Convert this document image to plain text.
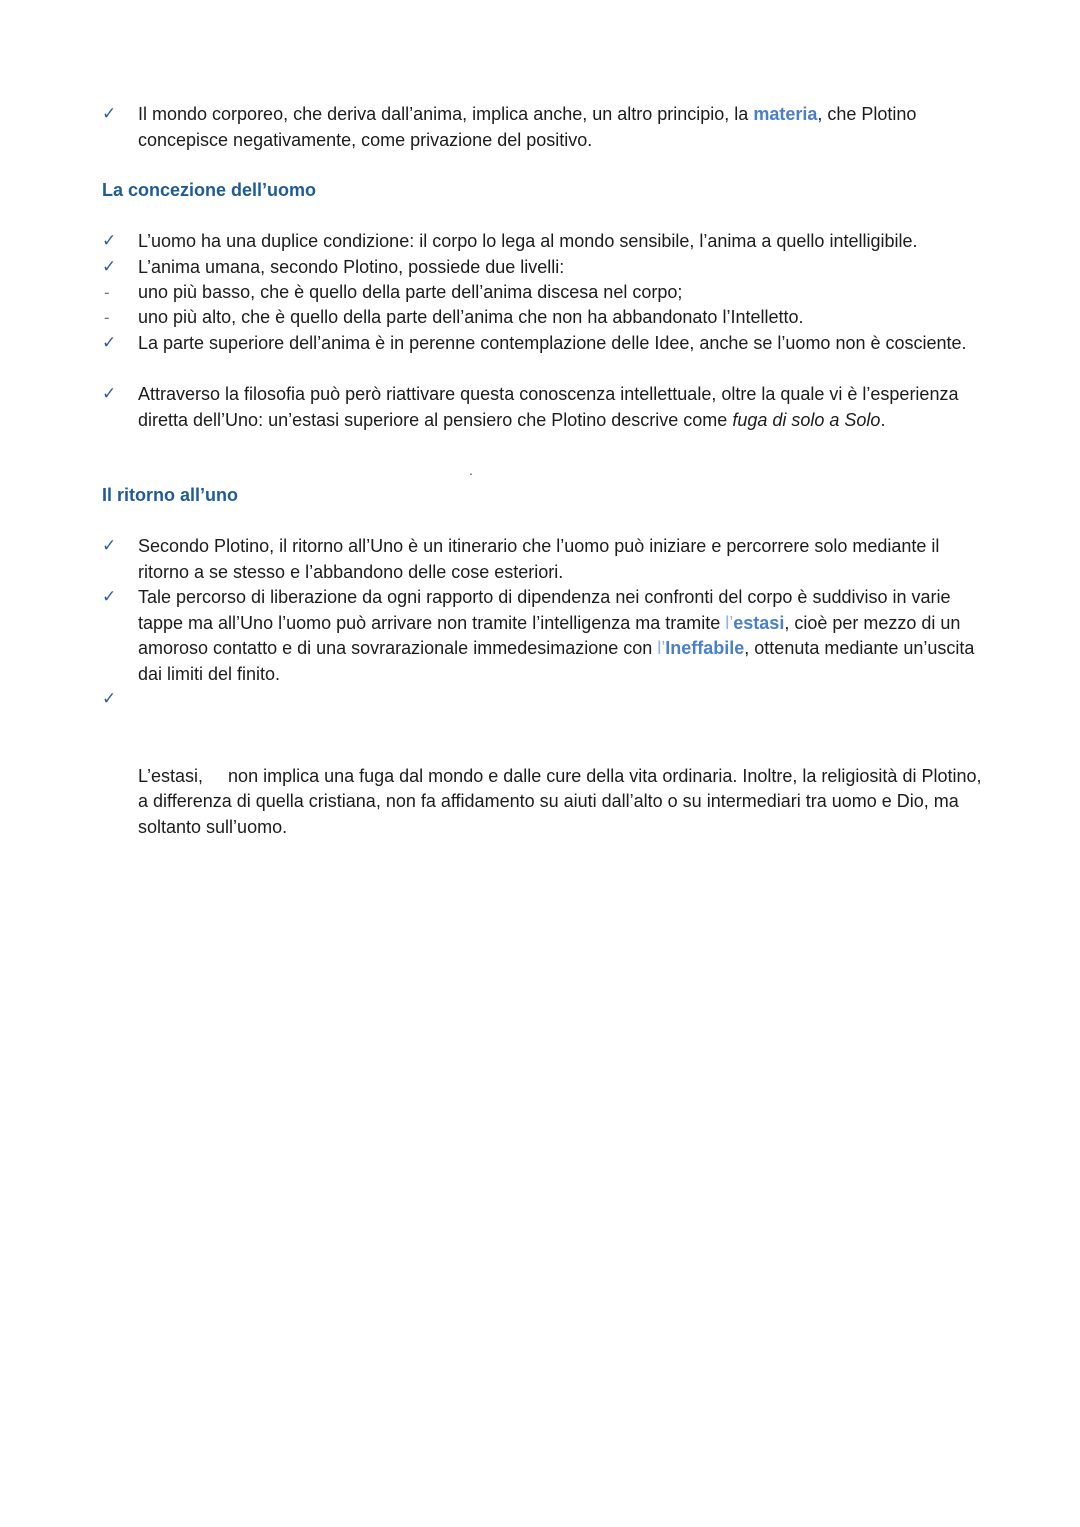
✓	Il mondo corporeo, che deriva dall’anima, implica anche, un altro principio, la materia, che Plotino concepisce negativamente, come privazione del positivo.
La concezione dell’uomo
✓	L’uomo ha una duplice condizione: il corpo lo lega al mondo sensibile, l’anima a quello intelligibile.
✓	L’anima umana, secondo Plotino, possiede due livelli:
-	uno più basso, che è quello della parte dell’anima discesa nel corpo;
-	uno più alto, che è quello della parte dell’anima che non ha abbandonato l’Intelletto.
✓	La parte superiore dell’anima è in perenne contemplazione delle Idee, anche se l’uomo non è cosciente.
✓	Attraverso la filosofia può però riattivare questa conoscenza intellettuale, oltre la quale vi è l’esperienza diretta dell’Uno: un’estasi superiore al pensiero che Plotino descrive come fuga di solo a Solo.
.
Il ritorno all’uno
✓	Secondo Plotino, il ritorno all’Uno è un itinerario che l’uomo può iniziare e percorrere solo mediante il ritorno a se stesso e l’abbandono delle cose esteriori.
✓	Tale percorso di liberazione da ogni rapporto di dipendenza nei confronti del corpo è suddiviso in varie tappe ma all’Uno l’uomo può arrivare non tramite l’intelligenza ma tramite l’estasi, cioè per mezzo di un amoroso contatto e di una sovrarazionale immedesimazione con l’Ineffabile, ottenuta mediante un’uscita dai limiti del finito.

✓

L’estasi,     non implica una fuga dal mondo e dalle cure della vita ordinaria. Inoltre, la religiosità di Plotino, a differenza di quella cristiana, non fa affidamento su aiuti dall’alto o su intermediari tra uomo e Dio, ma soltanto sull’uomo.
